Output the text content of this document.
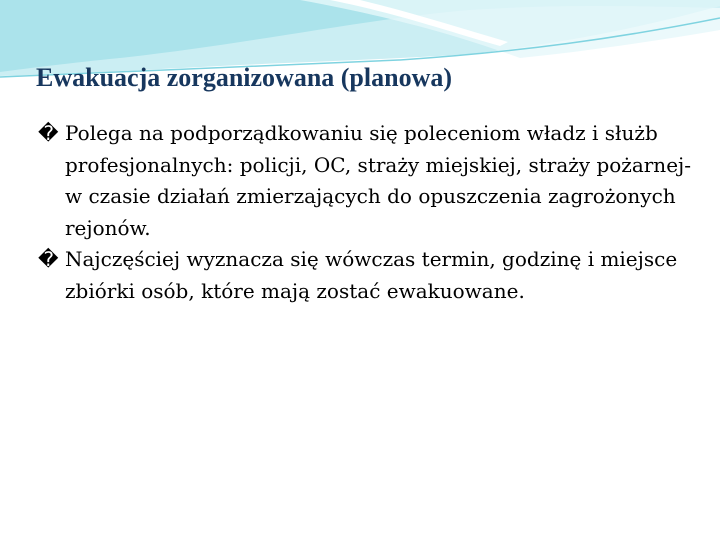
Ewakuacja zorganizowana (planowa)
� Polega na podporządkowaniu się poleceniom władz i służb profesjonalnych: policji, OC, straży miejskiej, straży pożarnej- w czasie działań zmierzających do opuszczenia zagrożonych rejonów.
� Najczęściej wyznacza się wówczas termin, godzinę i miejsce zbiórki osób, które mają zostać ewakuowane.
